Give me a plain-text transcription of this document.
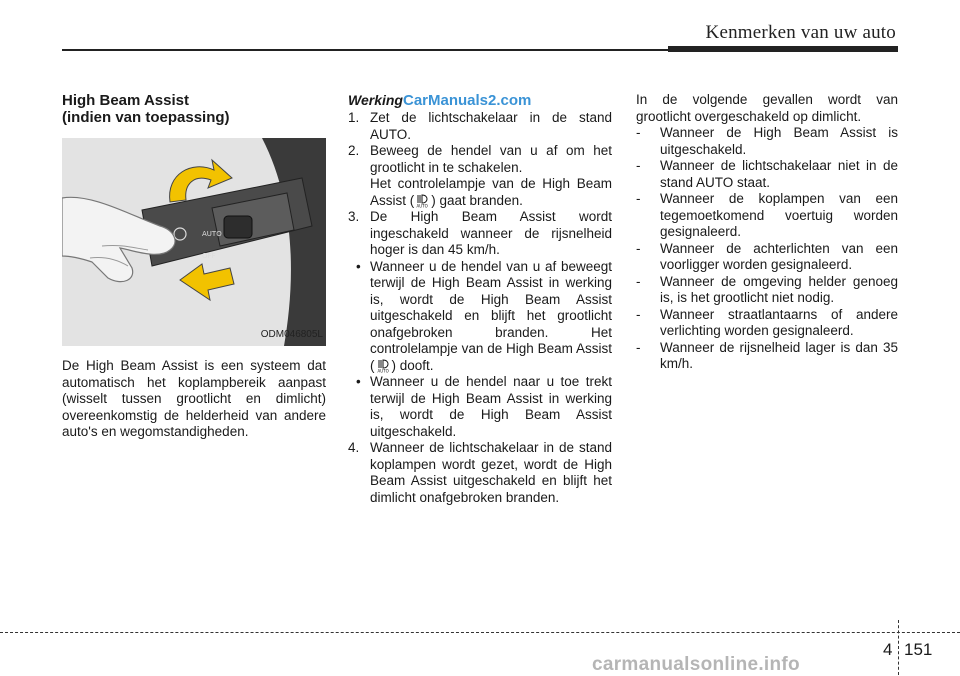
Kenmerken van uw auto
High Beam Assist
(indien van toepassing)
OFF
AUTO
ODM046805L
De High Beam Assist is een systeem dat automatisch het koplampbereik aanpast (wisselt tussen grootlicht en dimlicht) overeenkomstig de helderheid van andere auto's en wegomstandigheden.
Werking CarManuals2.com
1. Zet de lichtschakelaar in de stand AUTO.
2. Beweeg de hendel van u af om het grootlicht in te schakelen.
Het controlelampje van de High Beam Assist ( AUTO ) gaat branden.
3. De High Beam Assist wordt ingeschakeld wanneer de rijsnelheid hoger is dan 45 km/h.
• Wanneer u de hendel van u af beweegt terwijl de High Beam Assist in werking is, wordt de High Beam Assist uitgeschakeld en blijft het grootlicht onafgebroken branden. Het controlelampje van de High Beam Assist ( AUTO ) dooft.
• Wanneer u de hendel naar u toe trekt terwijl de High Beam Assist in werking is, wordt de High Beam Assist uitgeschakeld.
4. Wanneer de lichtschakelaar in de stand koplampen wordt gezet, wordt de High Beam Assist uitgeschakeld en blijft het dimlicht onafgebroken branden.
In de volgende gevallen wordt van grootlicht overgeschakeld op dimlicht.
-	Wanneer de High Beam Assist is uitgeschakeld.
-	Wanneer de lichtschakelaar niet in de stand AUTO staat.
-	Wanneer de koplampen van een tegemoetkomend voertuig worden gesignaleerd.
-	Wanneer de achterlichten van een voorligger worden gesignaleerd.
-	Wanneer de omgeving helder genoeg is, is het grootlicht niet nodig.
-	Wanneer straatlantaarns of andere verlichting worden gesignaleerd.
-	Wanneer de rijsnelheid lager is dan 35 km/h.
4 151
carmanualsonline.info
